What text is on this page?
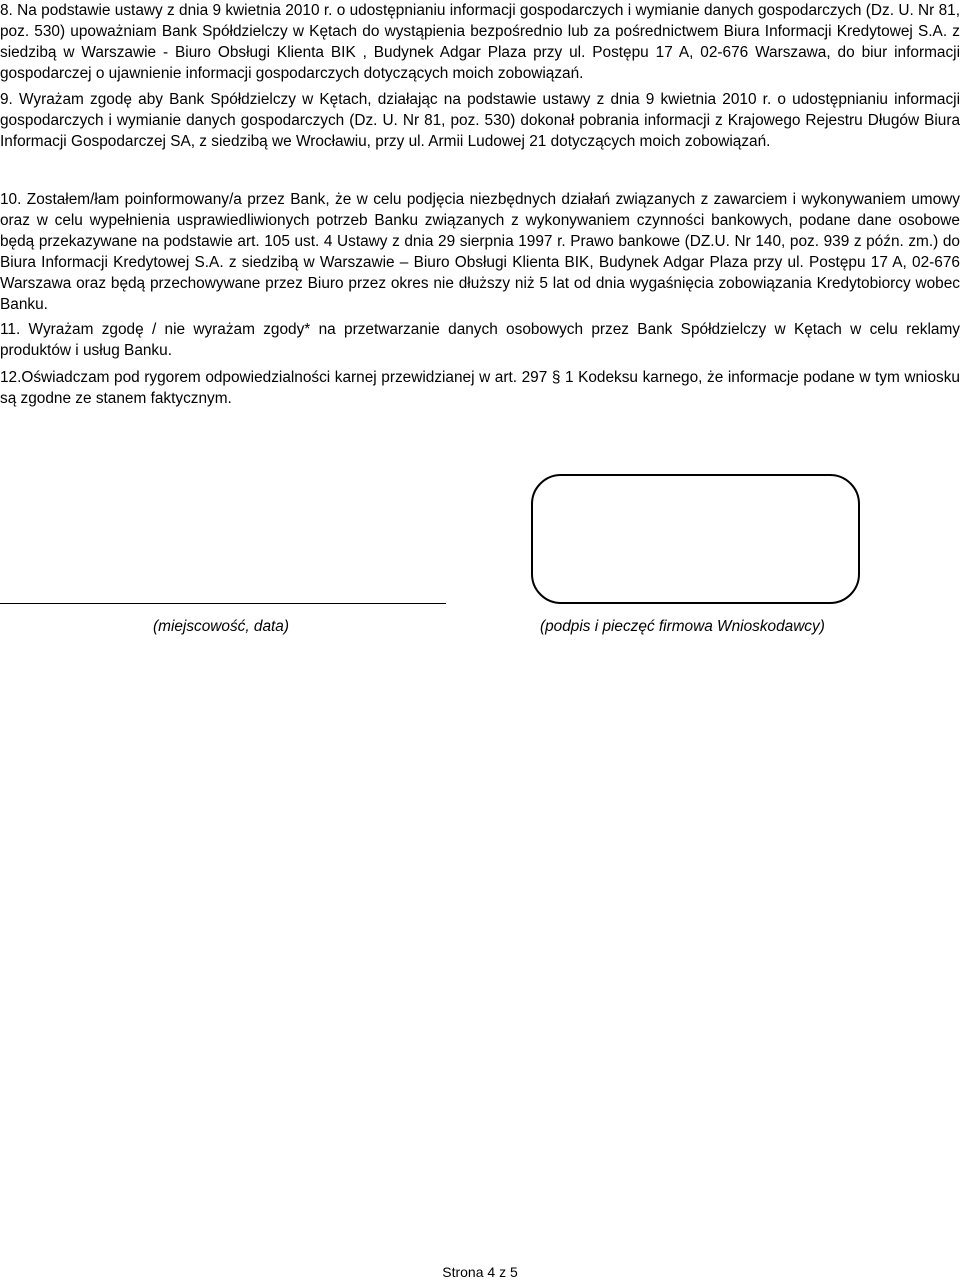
8. Na podstawie ustawy z dnia 9 kwietnia 2010 r. o udostępnianiu informacji gospodarczych i wymianie danych gospodarczych (Dz. U. Nr 81, poz. 530) upoważniam Bank Spółdzielczy w Kętach do wystąpienia bezpośrednio lub za pośrednictwem Biura Informacji Kredytowej S.A. z siedzibą w Warszawie - Biuro Obsługi Klienta BIK , Budynek Adgar Plaza przy ul. Postępu 17 A, 02-676 Warszawa, do biur informacji gospodarczej o ujawnienie informacji gospodarczych dotyczących moich zobowiązań.

9. Wyrażam zgodę aby Bank Spółdzielczy w Kętach, działając na podstawie ustawy z dnia 9 kwietnia 2010 r. o udostępnianiu informacji gospodarczych i wymianie danych gospodarczych (Dz. U. Nr 81, poz. 530) dokonał pobrania informacji z Krajowego Rejestru Długów Biura Informacji Gospodarczej SA, z siedzibą we Wrocławiu, przy ul. Armii Ludowej 21 dotyczących moich zobowiązań.

10. Zostałem/łam poinformowany/a przez Bank, że w celu podjęcia niezbędnych działań związanych z zawarciem i wykonywaniem umowy oraz w celu wypełnienia usprawiedliwionych potrzeb Banku związanych z wykonywaniem czynności bankowych, podane dane osobowe będą przekazywane na podstawie art. 105 ust. 4 Ustawy z dnia 29 sierpnia 1997 r. Prawo bankowe (DZ.U. Nr 140, poz. 939 z późn. zm.) do Biura Informacji Kredytowej S.A. z siedzibą w Warszawie – Biuro Obsługi Klienta BIK, Budynek Adgar Plaza przy ul. Postępu 17 A, 02-676 Warszawa oraz będą przechowywane przez Biuro przez okres nie dłuższy niż 5 lat od dnia wygaśnięcia zobowiązania Kredytobiorcy wobec Banku.

11. Wyrażam zgodę / nie wyrażam zgody* na przetwarzanie danych osobowych przez Bank Spółdzielczy w Kętach w celu reklamy produktów i usług Banku.

12.Oświadczam pod rygorem odpowiedzialności karnej przewidzianej w art. 297 § 1 Kodeksu karnego, że informacje podane w tym wniosku są zgodne ze stanem faktycznym.

(miejscowość, data)	(podpis i pieczęć firmowa Wnioskodawcy)

Strona 4 z 5
